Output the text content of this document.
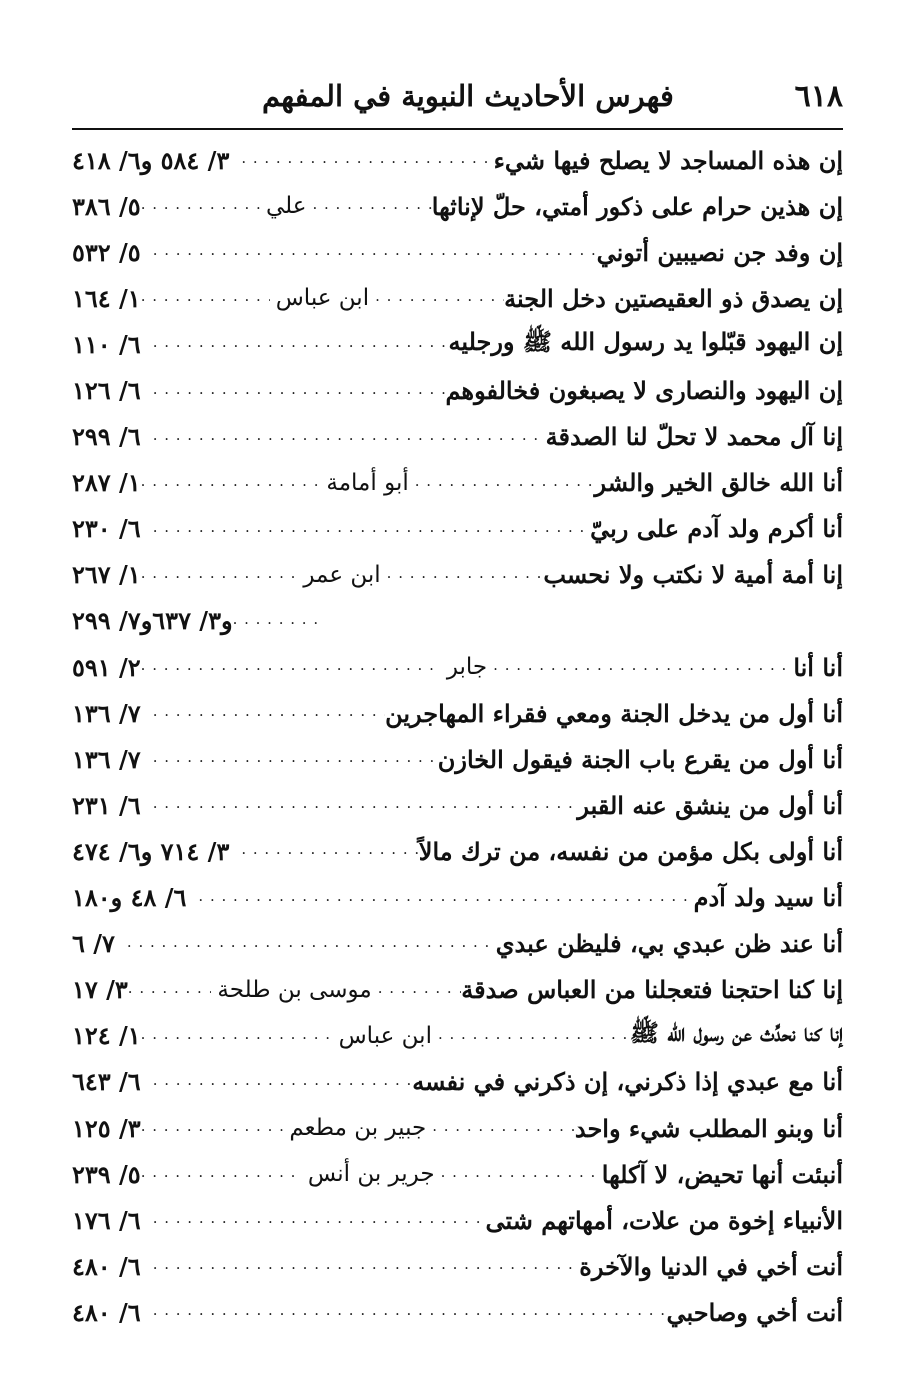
٦١٨
فهرس الأحاديث النبوية في المفهم
إن هذه المساجد لا يصلح فيها شيء
. . .
٣/ ٥٨٤ و٦/ ٤١٨
إن هذين حرام على ذكور أمتي، حلّ لإناثها
. . .
علي
. . .
٥/ ٣٨٦
إن وفد جن نصيبين أتوني
. . .
٥/ ٥٣٢
إن يصدق ذو العقيصتين دخل الجنة
. . .
ابن عباس
. . .
١/ ١٦٤
إن اليهود قبّلوا يد رسول الله ﷺ ورجليه
. . .
٦/ ١١٠
إن اليهود والنصارى لا يصبغون فخالفوهم
. . .
٦/ ١٢٦
إنا آل محمد لا تحلّ لنا الصدقة
. . .
٦/ ٢٩٩
أنا الله خالق الخير والشر
. . .
أبو أمامة
. . .
١/ ٢٨٧
أنا أكرم ولد آدم على ربيّ
. . .
٦/ ٢٣٠
إنا أمة أمية لا نكتب ولا نحسب
. . .
ابن عمر
. . .
١/ ٢٦٧
. . .
و٣/ ٦٣٧و٧/ ٢٩٩
أنا أنا
. . .
جابر
. . .
٢/ ٥٩١
أنا أول من يدخل الجنة ومعي فقراء المهاجرين
. . .
٧/ ١٣٦
أنا أول من يقرع باب الجنة فيقول الخازن
. . .
٧/ ١٣٦
أنا أول من ينشق عنه القبر
. . .
٦/ ٢٣١
أنا أولى بكل مؤمن من نفسه، من ترك مالاً
. . .
٣/ ٧١٤ و٦/ ٤٧٤
أنا سيد ولد آدم
. . .
٦/ ٤٨ و١٨٠
أنا عند ظن عبدي بي، فليظن عبدي
. . .
٧/ ٦
إنا كنا احتجنا فتعجلنا من العباس صدقة
. . .
موسى بن طلحة
. . .
٣/ ١٧
إنا كنا نحدِّث عن رسول الله ﷺ
. . .
ابن عباس
. . .
١/ ١٢٤
أنا مع عبدي إذا ذكرني، إن ذكرني في نفسه
. . .
٦/ ٦٤٣
أنا وبنو المطلب شيء واحد
. . .
جبير بن مطعم
. . .
٣/ ١٢٥
أنبئت أنها تحيض، لا آكلها
. . .
جرير بن أنس
. . .
٥/ ٢٣٩
الأنبياء إخوة من علات، أمهاتهم شتى
. . .
٦/ ١٧٦
أنت أخي في الدنيا والآخرة
. . .
٦/ ٤٨٠
أنت أخي وصاحبي
. . .
٦/ ٤٨٠
